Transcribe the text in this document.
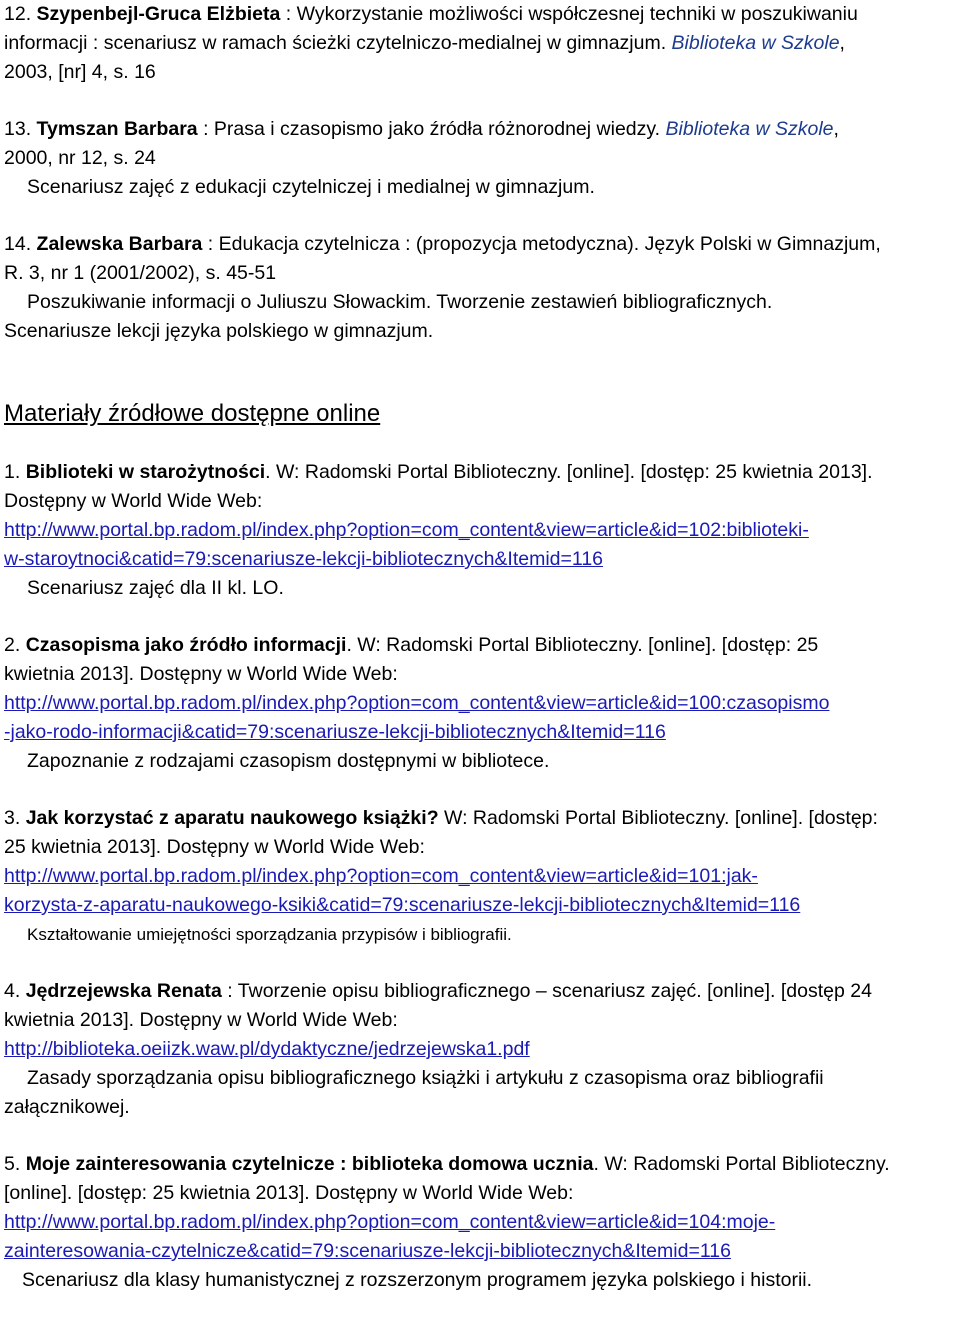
12. Szypenbejl-Gruca Elżbieta : Wykorzystanie możliwości współczesnej techniki w poszukiwaniu
informacji : scenariusz w ramach ścieżki czytelniczo-medialnej w gimnazjum. Biblioteka w Szkole,
2003, [nr] 4, s. 16
13. Tymszan Barbara : Prasa i czasopismo jako źródła różnorodnej wiedzy. Biblioteka w Szkole,
2000, nr 12, s. 24
Scenariusz zajęć z edukacji czytelniczej i medialnej w gimnazjum.
14. Zalewska Barbara : Edukacja czytelnicza : (propozycja metodyczna). Język Polski w Gimnazjum,
R. 3, nr 1 (2001/2002), s. 45-51
Poszukiwanie informacji o Juliuszu Słowackim. Tworzenie zestawień bibliograficznych.
Scenariusze lekcji języka polskiego w gimnazjum.
Materiały źródłowe dostępne online
1. Biblioteki w starożytności. W: Radomski Portal Biblioteczny. [online]. [dostęp: 25 kwietnia 2013].
Dostępny w World Wide Web:
http://www.portal.bp.radom.pl/index.php?option=com_content&view=article&id=102:biblioteki-
w-staroytnoci&catid=79:scenariusze-lekcji-bibliotecznych&Itemid=116
Scenariusz zajęć dla II kl. LO.
2. Czasopisma jako źródło informacji. W: Radomski Portal Biblioteczny. [online]. [dostęp: 25
kwietnia 2013]. Dostępny w World Wide Web:
http://www.portal.bp.radom.pl/index.php?option=com_content&view=article&id=100:czasopismo
-jako-rodo-informacji&catid=79:scenariusze-lekcji-bibliotecznych&Itemid=116
Zapoznanie z rodzajami czasopism dostępnymi w bibliotece.
3. Jak korzystać z aparatu naukowego książki? W: Radomski Portal Biblioteczny. [online]. [dostęp:
25 kwietnia 2013]. Dostępny w World Wide Web:
http://www.portal.bp.radom.pl/index.php?option=com_content&view=article&id=101:jak-
korzysta-z-aparatu-naukowego-ksiki&catid=79:scenariusze-lekcji-bibliotecznych&Itemid=116
Kształtowanie umiejętności sporządzania przypisów i bibliografii.
4. Jędrzejewska Renata : Tworzenie opisu bibliograficznego – scenariusz zajęć. [online]. [dostęp 24
kwietnia 2013]. Dostępny w World Wide Web:
http://biblioteka.oeiizk.waw.pl/dydaktyczne/jedrzejewska1.pdf
Zasady sporządzania opisu bibliograficznego książki i artykułu z czasopisma oraz bibliografii
załącznikowej.
5. Moje zainteresowania czytelnicze : biblioteka domowa ucznia. W: Radomski Portal Biblioteczny.
[online]. [dostęp: 25 kwietnia 2013]. Dostępny w World Wide Web:
http://www.portal.bp.radom.pl/index.php?option=com_content&view=article&id=104:moje-
zainteresowania-czytelnicze&catid=79:scenariusze-lekcji-bibliotecznych&Itemid=116
Scenariusz dla klasy humanistycznej z rozszerzonym programem języka polskiego i historii.
